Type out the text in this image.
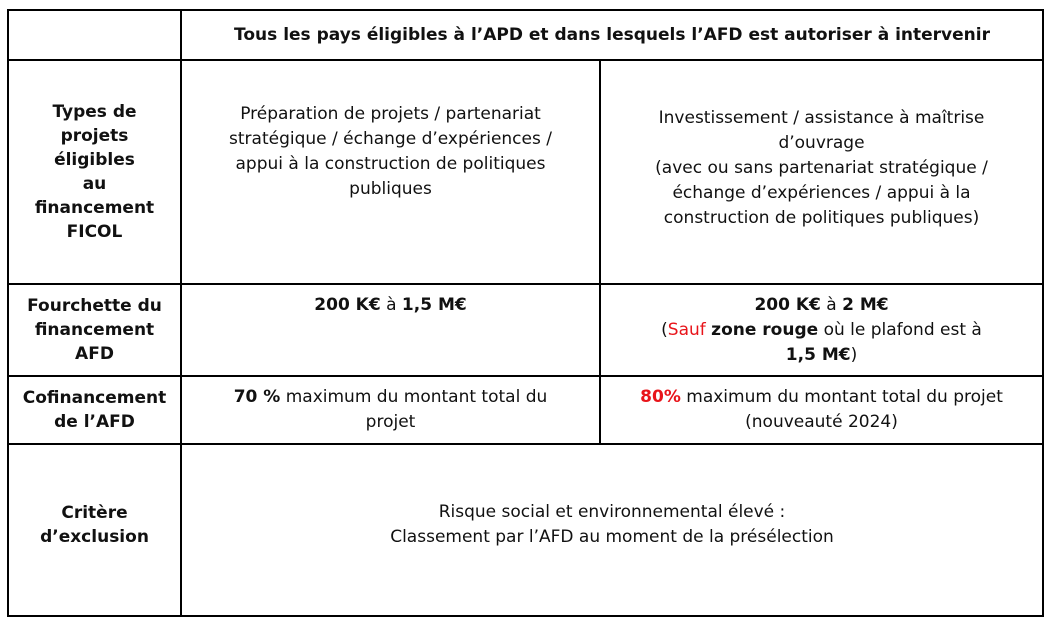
	Tous les pays éligibles à l’APD et dans lesquels l’AFD est autoriser à intervenir	
Types de
projets éligibles
au
financement
FICOL	Préparation de projets / partenariat
stratégique / échange d’expériences /
appui à la construction de politiques
publiques	Investissement / assistance à maîtrise
d’ouvrage
(avec ou sans partenariat stratégique /
échange d’expériences / appui à la
construction de politiques publiques)
Fourchette du
financement
AFD	200 K€ à 1,5 M€	200 K€ à 2 M€
(Sauf zone rouge où le plafond est à
1,5 M€)
Cofinancement
de l’AFD	70 % maximum du montant total du
projet	80% maximum du montant total du projet
(nouveauté 2024)
Critère
d’exclusion	Risque social et environnemental élevé :
Classement par l’AFD au moment de la présélection	
